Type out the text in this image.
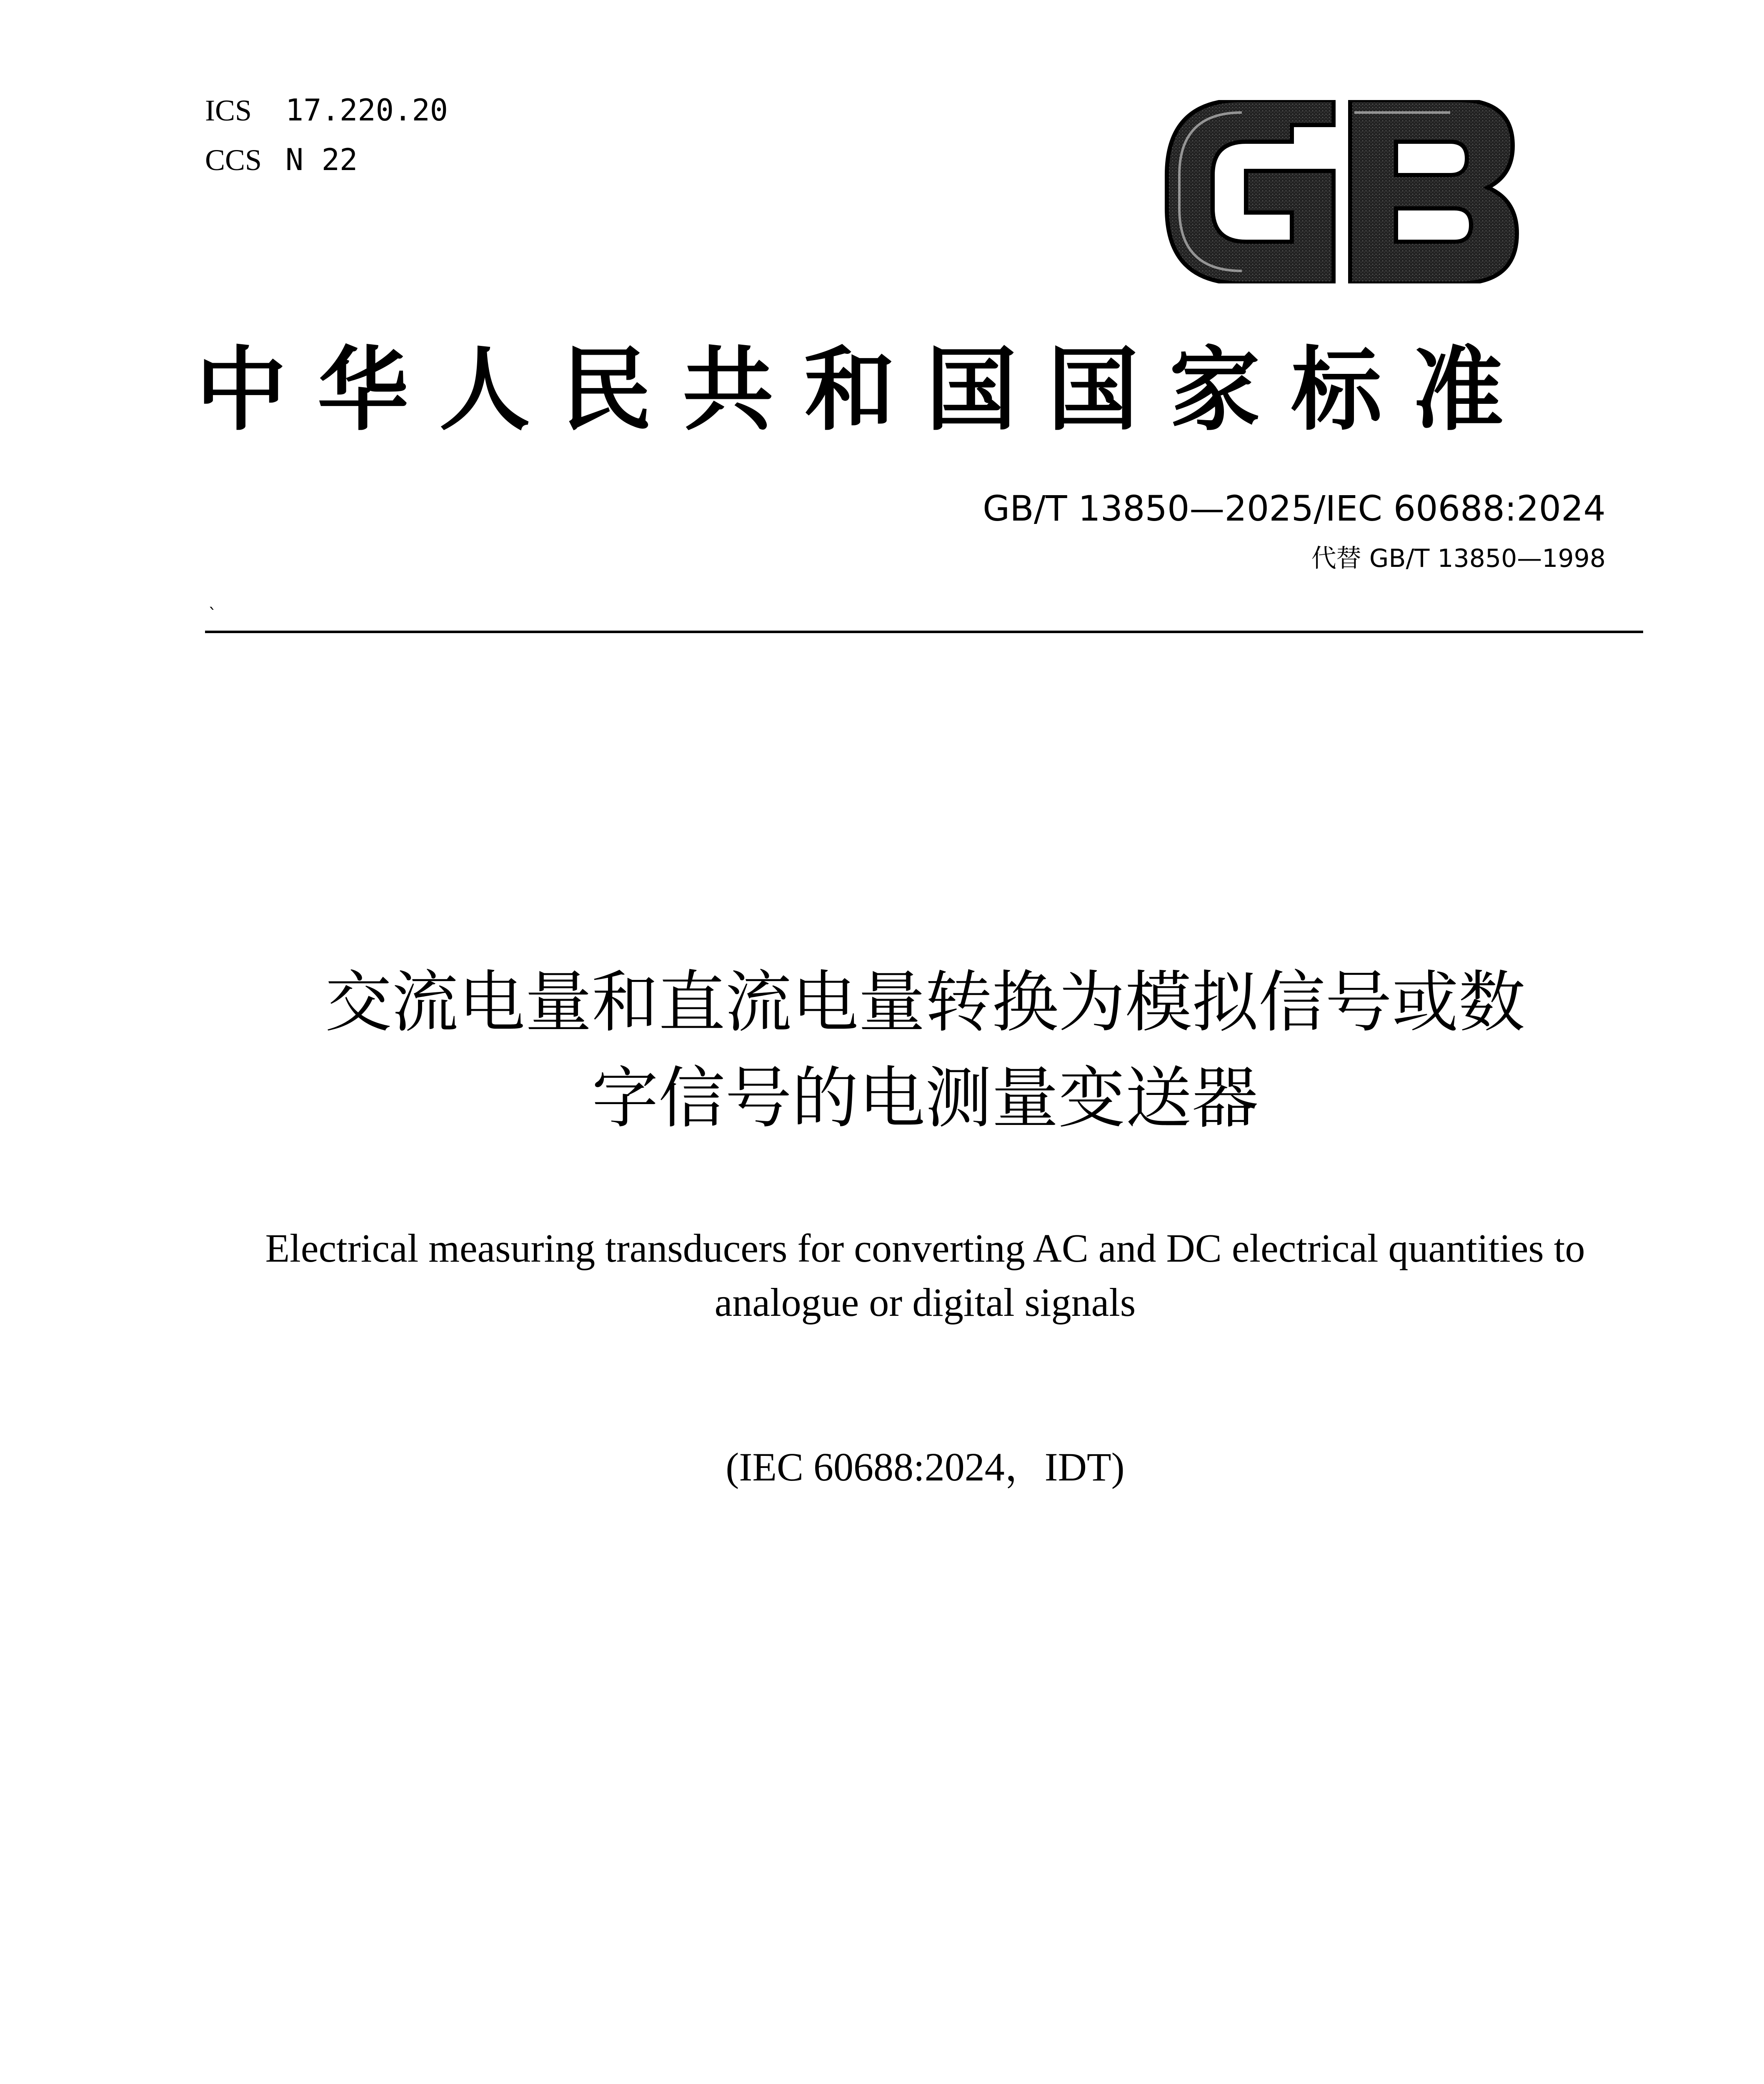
ICS 17.220.20
CCS N 22
中华人民共和国国家标准
GB/T 13850—2025/IEC 60688:2024
代替 GB/T 13850—1998
`
交流电量和直流电量转换为模拟信号或数
字信号的电测量变送器
Electrical measuring transducers for converting AC and DC electrical quantities to
analogue or digital signals
(IEC 60688:2024，IDT)
